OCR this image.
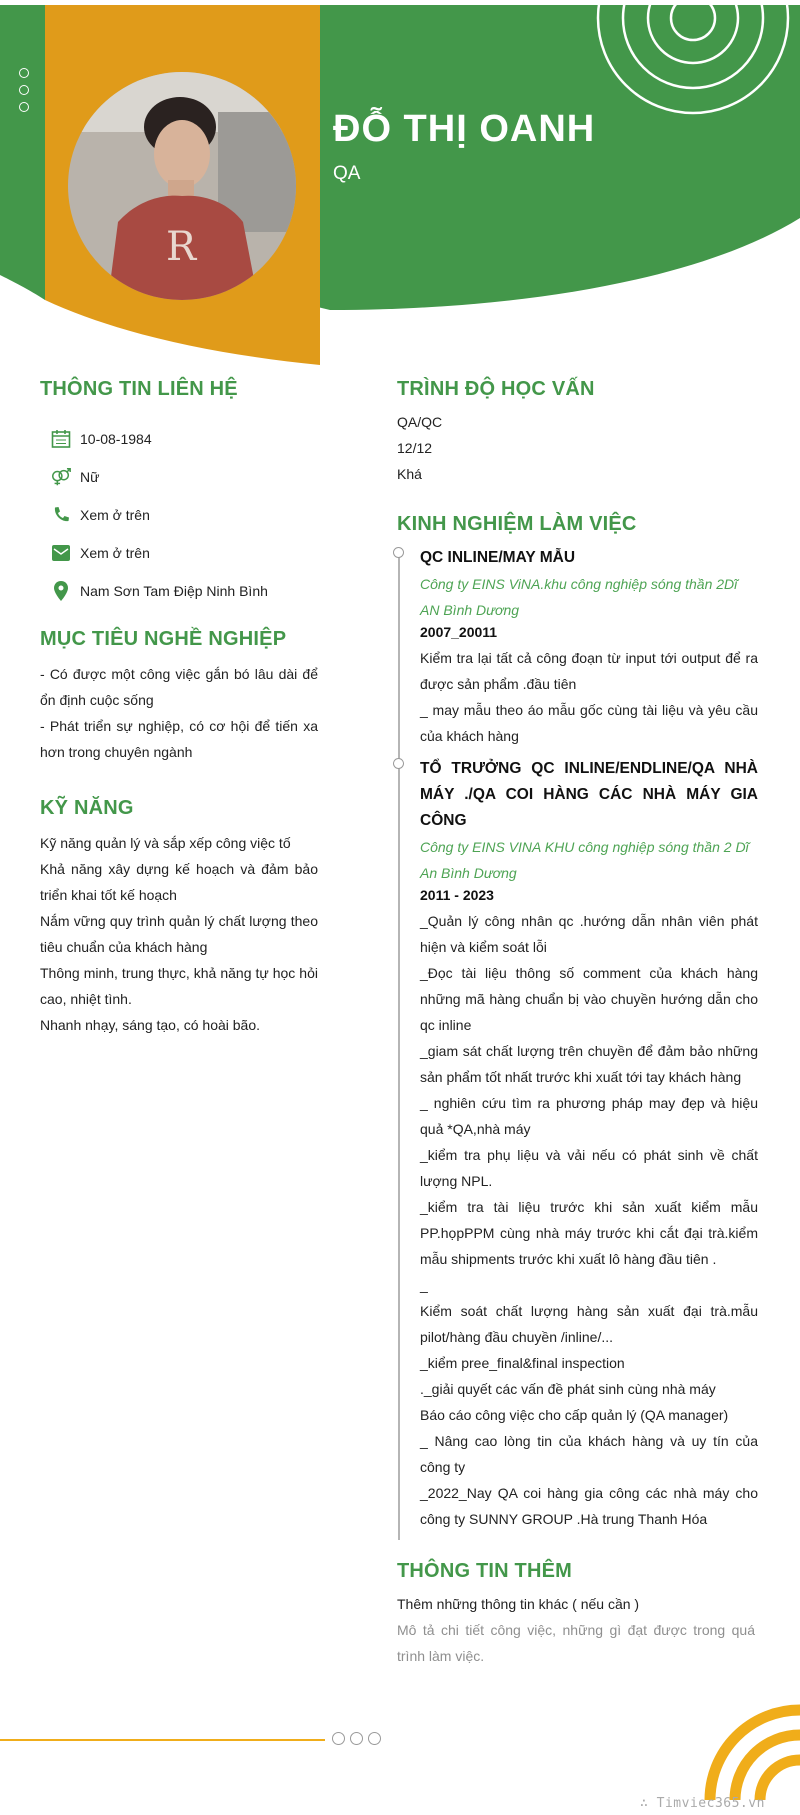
R
ĐỖ THỊ OANH
QA
THÔNG TIN LIÊN HỆ
10-08-1984
Nữ
Xem ở trên
Xem ở trên
Nam Sơn Tam Điệp Ninh Bình
MỤC TIÊU NGHỀ NGHIỆP
- Có được một công việc gắn bó lâu dài để ổn định cuộc sống
- Phát triển sự nghiệp, có cơ hội để tiến xa hơn trong chuyên ngành
KỸ NĂNG
Kỹ năng quản lý và sắp xếp công việc tố
Khả năng xây dựng kế hoạch và đảm bảo triển khai tốt kế hoạch
Nắm vững quy trình quản lý chất lượng theo tiêu chuẩn của khách hàng
Thông minh, trung thực, khả năng tự học hỏi cao, nhiệt tình.
Nhanh nhạy, sáng tạo, có hoài bão.
TRÌNH ĐỘ HỌC VẤN
QA/QC
12/12
Khá
KINH NGHIỆM LÀM VIỆC
QC INLINE/MAY MẪU
Công ty EINS ViNA.khu công nghiệp sóng thần 2Dĩ AN Bình Dương
2007_20011
Kiểm tra lại tất cả công đoạn từ input tới output để ra được sản phẩm .đầu tiên
_ may mẫu theo áo mẫu gốc cùng tài liệu và yêu cầu của khách hàng
TỔ TRƯỞNG QC INLINE/ENDLINE/QA NHÀ MÁY ./QA COI HÀNG CÁC NHÀ MÁY GIA CÔNG
Công ty EINS VINA KHU công nghiệp sóng thần 2 Dĩ An Bình Dương
2011 - 2023
_Quản lý công nhân qc .hướng dẫn nhân viên phát hiện và kiểm soát lỗi
_Đọc tài liệu thông số comment của khách hàng những mã hàng chuẩn bị vào chuyền hướng dẫn cho qc inline
_giam sát chất lượng trên chuyền để đảm bảo những sản phẩm tốt nhất trước khi xuất tới tay khách hàng
_ nghiên cứu tìm ra phương pháp may đẹp và hiệu quả *QA,nhà máy
_kiểm tra phụ liệu và vải nếu có phát sinh về chất lượng NPL.
_kiểm tra tài liệu trước khi sản xuất kiểm mẫu PP.họpPPM cùng nhà máy trước khi cắt đại trà.kiểm mẫu shipments trước khi xuất lô hàng đầu tiên .
_
Kiểm soát chất lượng hàng sản xuất đại trà.mẫu pilot/hàng đầu chuyền /inline/...
_kiểm pree_final&final inspection
._giải quyết các vấn đề phát sinh cùng nhà máy
Báo cáo công việc cho cấp quản lý (QA manager)
_ Nâng cao lòng tin của khách hàng và uy tín của công ty
_2022_Nay QA coi hàng gia công các nhà máy cho công ty SUNNY GROUP .Hà trung Thanh Hóa
THÔNG TIN THÊM
Thêm những thông tin khác ( nếu cần )
Mô tả chi tiết công việc, những gì đạt được trong quá trình làm việc.
∴ Timviec365.vn
